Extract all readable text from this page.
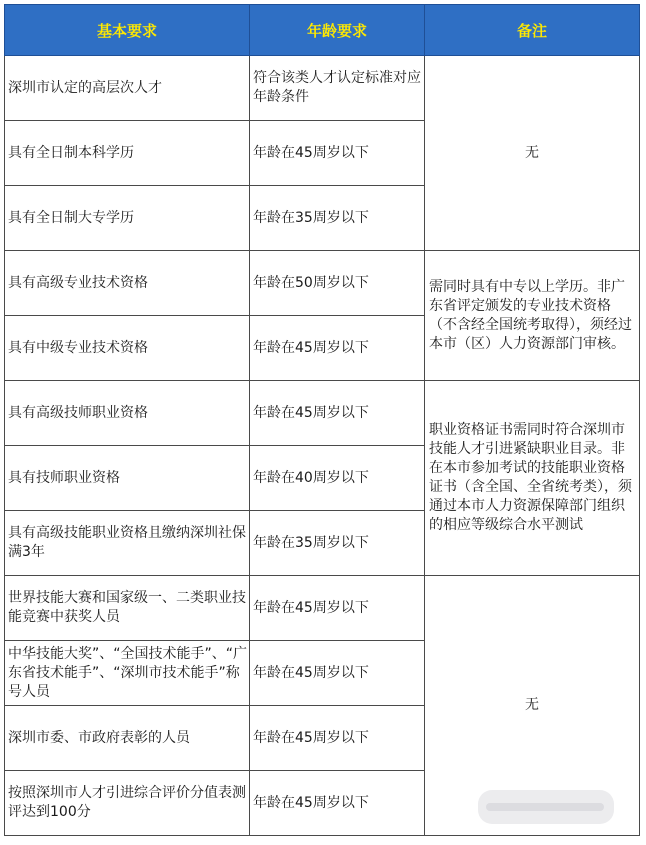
基本要求	年龄要求	备注
深圳市认定的高层次人才	符合该类人才认定标准对应年龄条件	无
具有全日制本科学历	年龄在45周岁以下	
具有全日制大专学历	年龄在35周岁以下	
具有高级专业技术资格	年龄在50周岁以下	需同时具有中专以上学历。非广东省评定颁发的专业技术资格（不含经全国统考取得），须经过本市（区）人力资源部门审核。
具有中级专业技术资格	年龄在45周岁以下	
具有高级技师职业资格	年龄在45周岁以下	职业资格证书需同时符合深圳市技能人才引进紧缺职业目录。非在本市参加考试的技能职业资格证书（含全国、全省统考类），须通过本市人力资源保障部门组织的相应等级综合水平测试
具有技师职业资格	年龄在40周岁以下	
具有高级技能职业资格且缴纳深圳社保满3年	年龄在35周岁以下	
世界技能大赛和国家级一、二类职业技能竞赛中获奖人员	年龄在45周岁以下	无
中华技能大奖”、“全国技术能手”、“广东省技术能手”、“深圳市技术能手”称号人员	年龄在45周岁以下	
深圳市委、市政府表彰的人员	年龄在45周岁以下	
按照深圳市人才引进综合评价分值表测评达到100分	年龄在45周岁以下	
